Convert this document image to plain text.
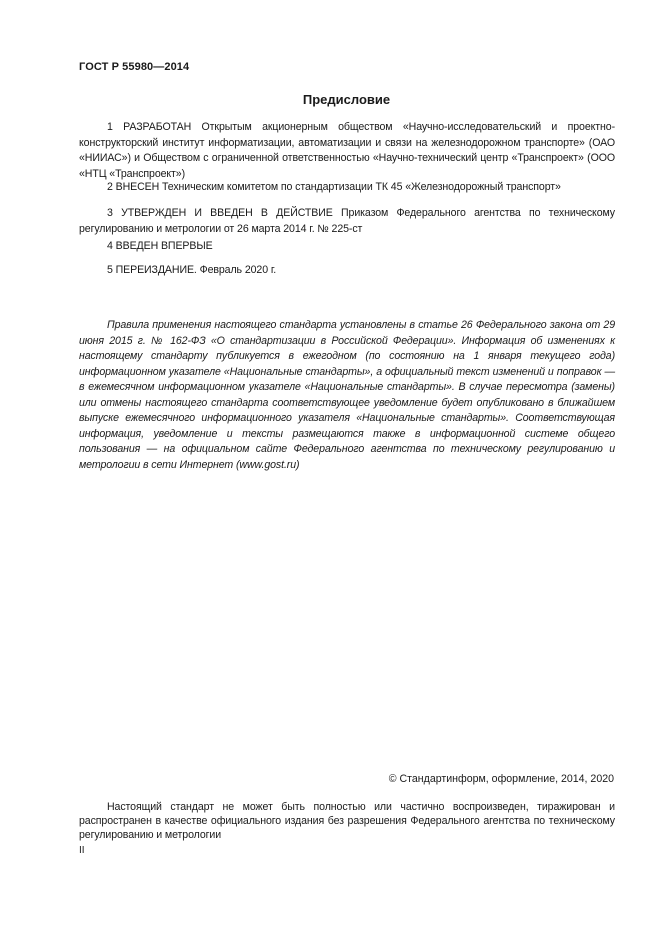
ГОСТ Р 55980—2014
Предисловие

1 РАЗРАБОТАН Открытым акционерным обществом «Научно-исследовательский и проектно-конструкторский институт информатизации, автоматизации и связи на железнодорожном транспорте» (ОАО «НИИАС») и Обществом с ограниченной ответственностью «Научно-технический центр «Транспроект» (ООО «НТЦ «Транспроект»)

2 ВНЕСЕН Техническим комитетом по стандартизации ТК 45 «Железнодорожный транспорт»

3 УТВЕРЖДЕН И ВВЕДЕН В ДЕЙСТВИЕ Приказом Федерального агентства по техническому регулированию и метрологии от 26 марта 2014 г. № 225-ст

4 ВВЕДЕН ВПЕРВЫЕ

5 ПЕРЕИЗДАНИЕ. Февраль 2020 г.

Правила применения настоящего стандарта установлены в статье 26 Федерального закона от 29 июня 2015 г. № 162-ФЗ «О стандартизации в Российской Федерации». Информация об изменениях к настоящему стандарту публикуется в ежегодном (по состоянию на 1 января текущего года) информационном указателе «Национальные стандарты», а официальный текст изменений и поправок — в ежемесячном информационном указателе «Национальные стандарты». В случае пересмотра (замены) или отмены настоящего стандарта соответствующее уведомление будет опубликовано в ближайшем выпуске ежемесячного информационного указателя «Национальные стандарты». Соответствующая информация, уведомление и тексты размещаются также в информационной системе общего пользования — на официальном сайте Федерального агентства по техническому регулированию и метрологии в сети Интернет (www.gost.ru)

© Стандартинформ, оформление, 2014, 2020

Настоящий стандарт не может быть полностью или частично воспроизведен, тиражирован и распространен в качестве официального издания без разрешения Федерального агентства по техническому регулированию и метрологии

II
